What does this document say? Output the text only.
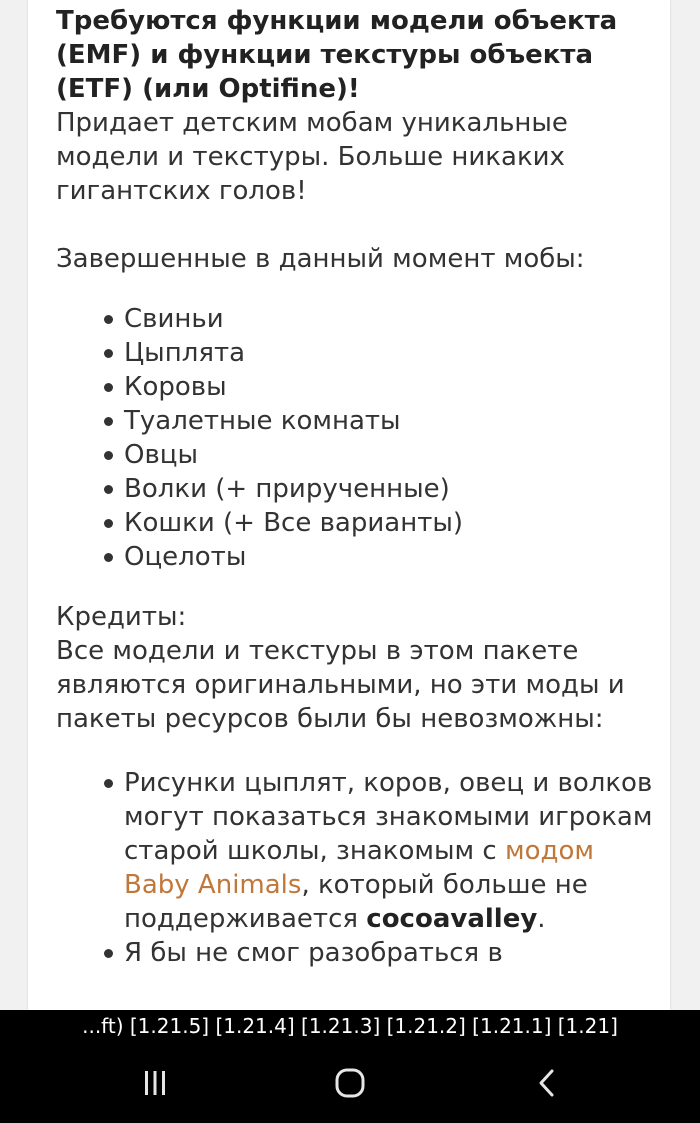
Требуются функции модели объекта (EMF) и функции текстуры объекта (ETF) (или Optifine)!

Придает детским мобам уникальные модели и текстуры. Больше никаких гигантских голов!

Завершенные в данный момент мобы:

Свиньи
Цыплята
Коровы
Туалетные комнаты
Овцы
Волки (+ прирученные)
Кошки (+ Все варианты)
Оцелоты

Кредиты:

Все модели и текстуры в этом пакете являются оригинальными, но эти моды и пакеты ресурсов были бы невозможны:

Рисунки цыплят, коров, овец и волков могут показаться знакомыми игрокам старой школы, знакомым с модом Baby Animals, который больше не поддерживается cocoavalley.
Я бы не смог разобраться в
...ft) [1.21.5] [1.21.4] [1.21.3] [1.21.2] [1.21.1] [1.21]
